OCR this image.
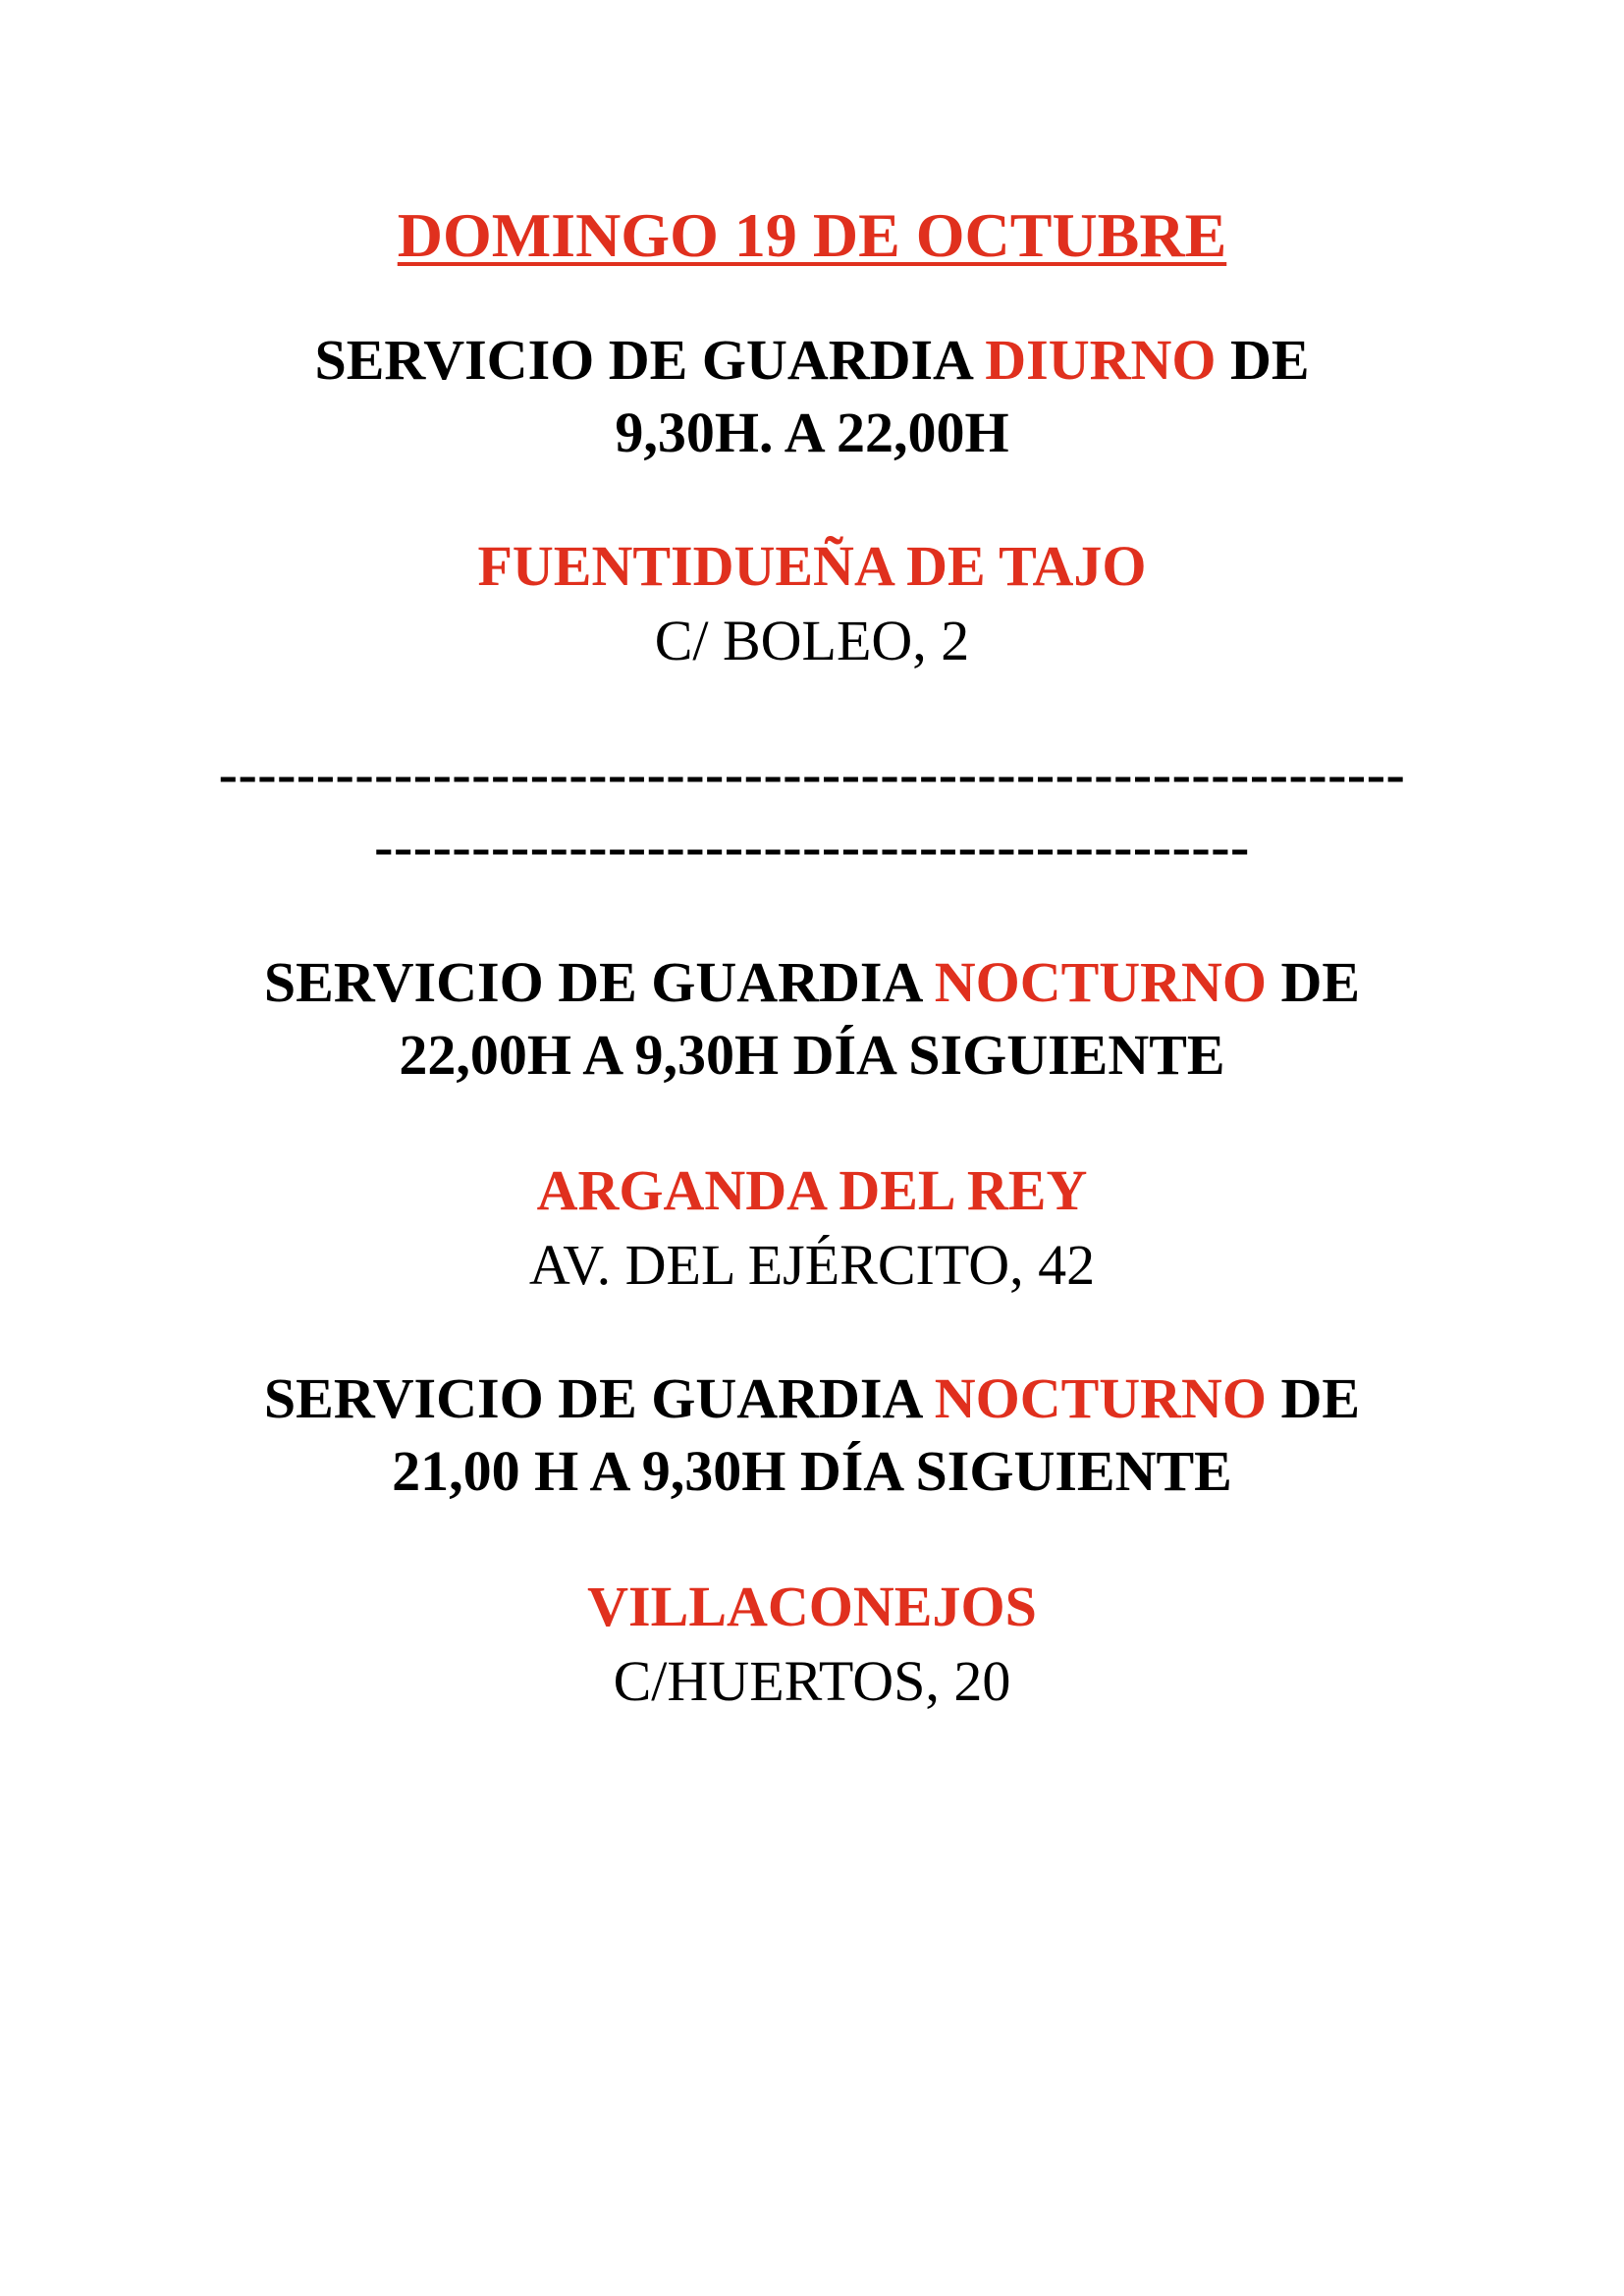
DOMINGO 19 DE OCTUBRE
SERVICIO DE GUARDIA DIURNO DE
9,30H. A 22,00H
FUENTIDUEÑA DE TAJO
C/ BOLEO, 2
-------------------------------------------------------------
---------------------------------------------
SERVICIO DE GUARDIA NOCTURNO DE
22,00H A 9,30H DÍA SIGUIENTE
ARGANDA DEL REY
AV. DEL EJÉRCITO, 42
SERVICIO DE GUARDIA NOCTURNO DE
21,00 H A 9,30H DÍA SIGUIENTE
VILLACONEJOS
C/HUERTOS, 20
